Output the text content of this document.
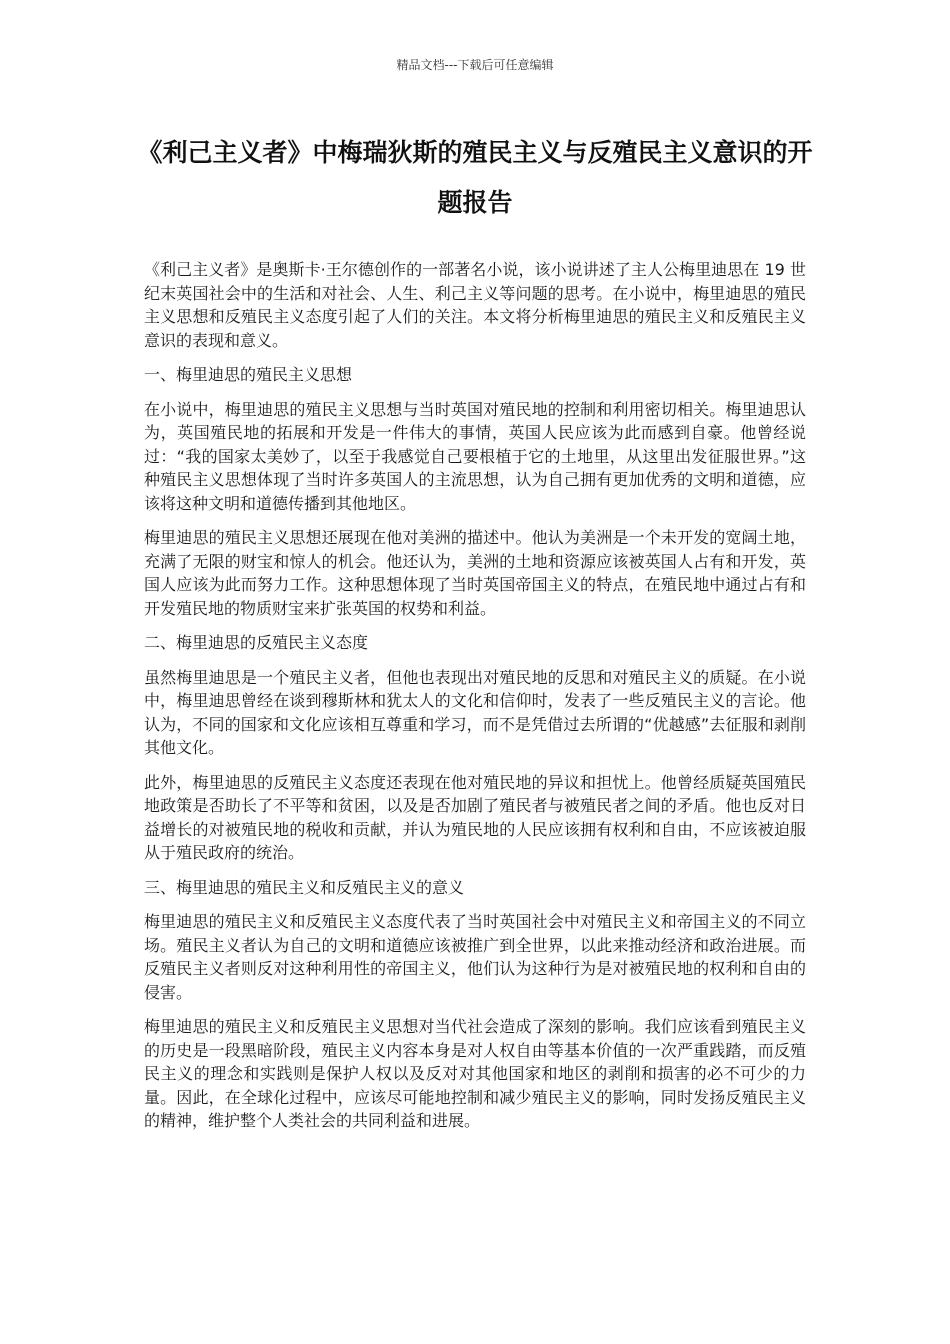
精品文档---下载后可任意编辑
《利己主义者》中梅瑞狄斯的殖民主义与反殖民主义意识的开题报告

《利己主义者》是奥斯卡·王尔德创作的一部著名小说，该小说讲述了主人公梅里迪思在 19 世纪末英国社会中的生活和对社会、人生、利己主义等问题的思考。在小说中，梅里迪思的殖民主义思想和反殖民主义态度引起了人们的关注。本文将分析梅里迪思的殖民主义和反殖民主义意识的表现和意义。

一、梅里迪思的殖民主义思想

在小说中，梅里迪思的殖民主义思想与当时英国对殖民地的控制和利用密切相关。梅里迪思认为，英国殖民地的拓展和开发是一件伟大的事情，英国人民应该为此而感到自豪。他曾经说过：“我的国家太美妙了，以至于我感觉自己要根植于它的土地里，从这里出发征服世界。”这种殖民主义思想体现了当时许多英国人的主流思想，认为自己拥有更加优秀的文明和道德，应该将这种文明和道德传播到其他地区。

梅里迪思的殖民主义思想还展现在他对美洲的描述中。他认为美洲是一个未开发的宽阔土地，充满了无限的财宝和惊人的机会。他还认为，美洲的土地和资源应该被英国人占有和开发，英国人应该为此而努力工作。这种思想体现了当时英国帝国主义的特点，在殖民地中通过占有和开发殖民地的物质财宝来扩张英国的权势和利益。

二、梅里迪思的反殖民主义态度

虽然梅里迪思是一个殖民主义者，但他也表现出对殖民地的反思和对殖民主义的质疑。在小说中，梅里迪思曾经在谈到穆斯林和犹太人的文化和信仰时，发表了一些反殖民主义的言论。他认为，不同的国家和文化应该相互尊重和学习，而不是凭借过去所谓的“优越感”去征服和剥削其他文化。

此外，梅里迪思的反殖民主义态度还表现在他对殖民地的异议和担忧上。他曾经质疑英国殖民地政策是否助长了不平等和贫困，以及是否加剧了殖民者与被殖民者之间的矛盾。他也反对日益增长的对被殖民地的税收和贡献，并认为殖民地的人民应该拥有权利和自由，不应该被迫服从于殖民政府的统治。

三、梅里迪思的殖民主义和反殖民主义的意义

梅里迪思的殖民主义和反殖民主义态度代表了当时英国社会中对殖民主义和帝国主义的不同立场。殖民主义者认为自己的文明和道德应该被推广到全世界，以此来推动经济和政治进展。而反殖民主义者则反对这种利用性的帝国主义，他们认为这种行为是对被殖民地的权利和自由的侵害。

梅里迪思的殖民主义和反殖民主义思想对当代社会造成了深刻的影响。我们应该看到殖民主义的历史是一段黑暗阶段，殖民主义内容本身是对人权自由等基本价值的一次严重践踏，而反殖民主义的理念和实践则是保护人权以及反对对其他国家和地区的剥削和损害的必不可少的力量。因此，在全球化过程中，应该尽可能地控制和减少殖民主义的影响，同时发扬反殖民主义的精神，维护整个人类社会的共同利益和进展。
